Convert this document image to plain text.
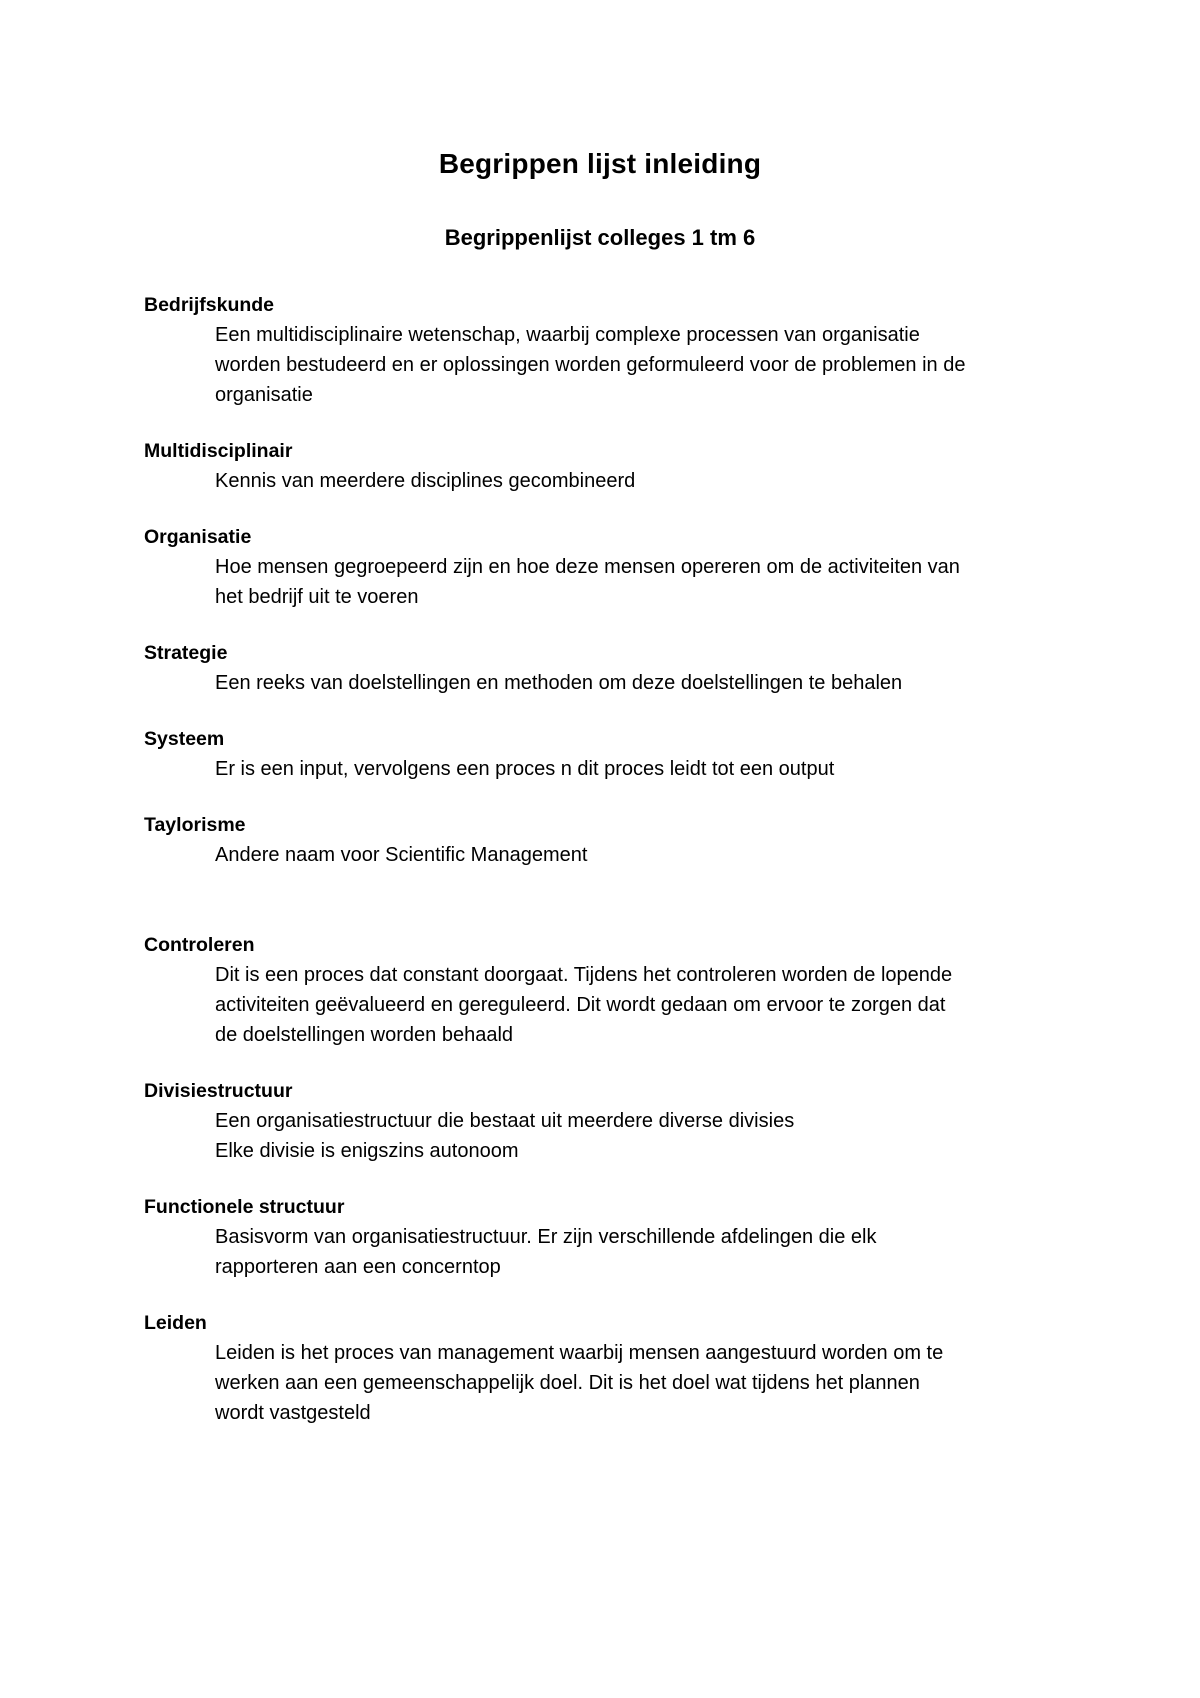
Begrippen lijst inleiding
Begrippenlijst colleges 1 tm 6
Bedrijfskunde
Een multidisciplinaire wetenschap, waarbij complexe processen van organisatie
worden bestudeerd en er oplossingen worden geformuleerd voor de problemen in de
organisatie
Multidisciplinair
Kennis van meerdere disciplines gecombineerd
Organisatie
Hoe mensen gegroepeerd zijn en hoe deze mensen opereren om de activiteiten van
het bedrijf uit te voeren
Strategie
Een reeks van doelstellingen en methoden om deze doelstellingen te behalen
Systeem
Er is een input, vervolgens een proces n dit proces leidt tot een output
Taylorisme
Andere naam voor Scientific Management
Controleren
Dit is een proces dat constant doorgaat. Tijdens het controleren worden de lopende
activiteiten geëvalueerd en gereguleerd. Dit wordt gedaan om ervoor te zorgen dat
de doelstellingen worden behaald
Divisiestructuur
Een organisatiestructuur die bestaat uit meerdere diverse divisies
Elke divisie is enigszins autonoom
Functionele structuur
Basisvorm van organisatiestructuur. Er zijn verschillende afdelingen die elk
rapporteren aan een concerntop
Leiden
Leiden is het proces van management waarbij mensen aangestuurd worden om te
werken aan een gemeenschappelijk doel. Dit is het doel wat tijdens het plannen
wordt vastgesteld
